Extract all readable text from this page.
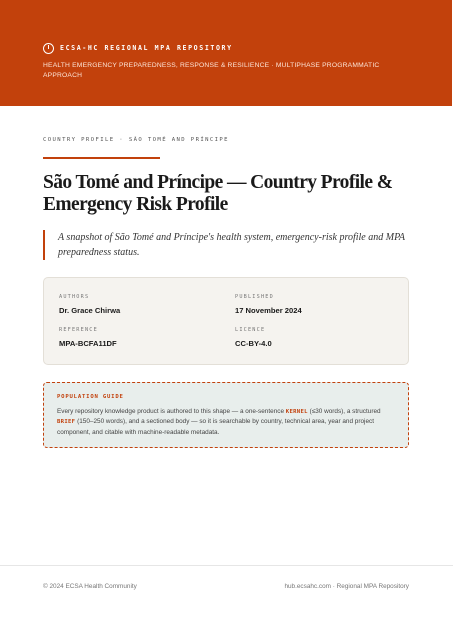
ECSA-HC REGIONAL MPA REPOSITORY
HEALTH EMERGENCY PREPAREDNESS, RESPONSE & RESILIENCE · MULTIPHASE PROGRAMMATIC APPROACH
COUNTRY PROFILE · SÃO TOMÉ AND PRÍNCIPE
São Tomé and Príncipe — Country Profile & Emergency Risk Profile

A snapshot of São Tomé and Príncipe's health system, emergency-risk profile and MPA preparedness status.

AUTHORS
Dr. Grace Chirwa
PUBLISHED
17 November 2024
REFERENCE
MPA-BCFA11DF
LICENCE
CC-BY-4.0
POPULATION GUIDE

Every repository knowledge product is authored to this shape — a one-sentence KERNEL (≤30 words), a structured BRIEF (150–250 words), and a sectioned body — so it is searchable by country, technical area, year and project component, and citable with machine-readable metadata.

© 2024 ECSA Health Community	hub.ecsahc.com · Regional MPA Repository
